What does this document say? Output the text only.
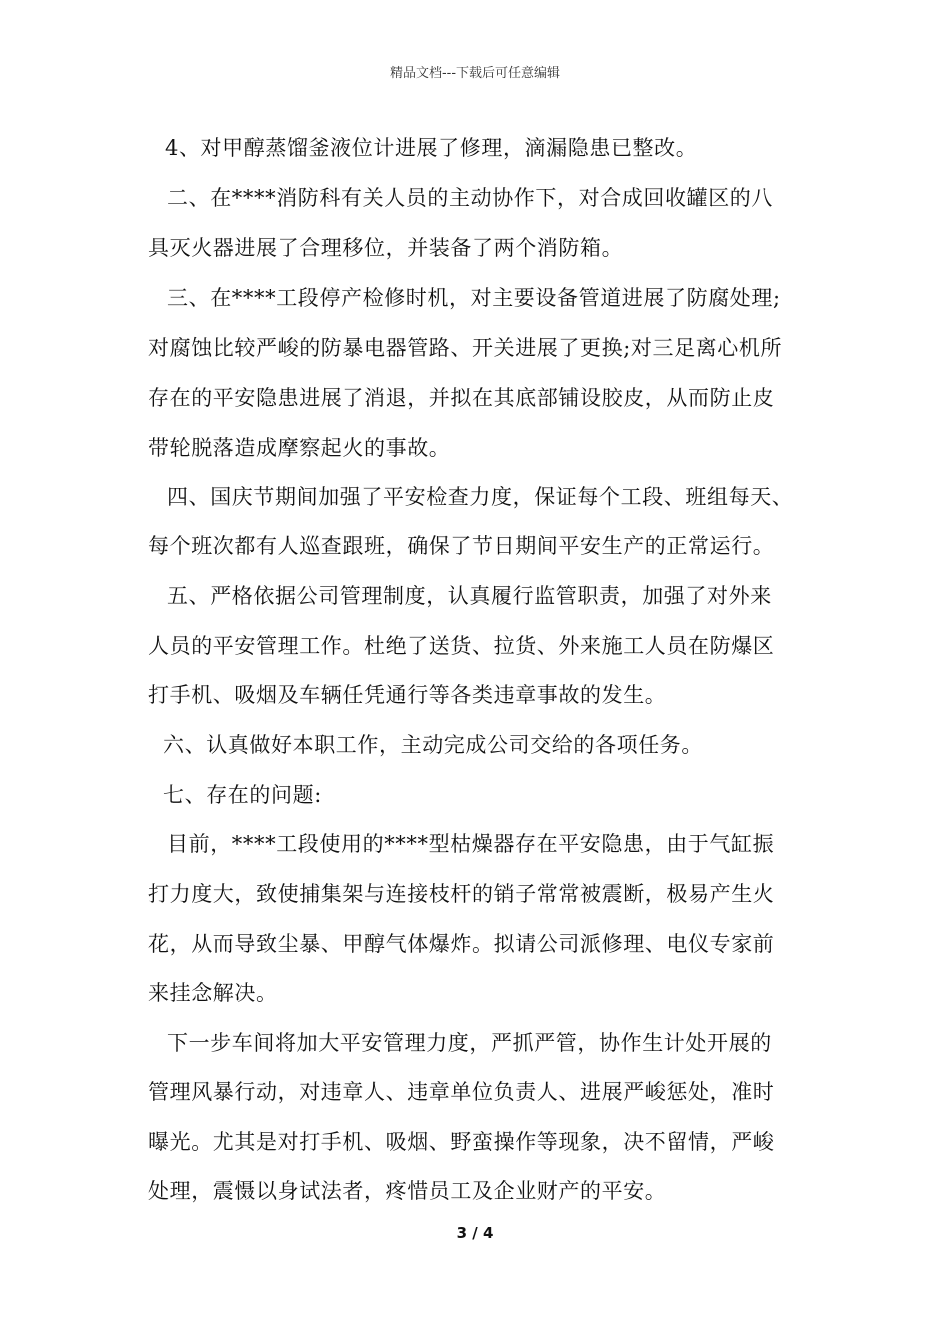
精品文档---下载后可任意编辑
4、对甲醇蒸馏釜液位计进展了修理，滴漏隐患已整改。
二、在****消防科有关人员的主动协作下，对合成回收罐区的八
具灭火器进展了合理移位，并装备了两个消防箱。
三、在****工段停产检修时机，对主要设备管道进展了防腐处理;
对腐蚀比较严峻的防暴电器管路、开关进展了更换;对三足离心机所
存在的平安隐患进展了消退，并拟在其底部铺设胶皮，从而防止皮
带轮脱落造成摩察起火的事故。
四、国庆节期间加强了平安检查力度，保证每个工段、班组每天、
每个班次都有人巡查跟班，确保了节日期间平安生产的正常运行。
五、严格依据公司管理制度，认真履行监管职责，加强了对外来
人员的平安管理工作。杜绝了送货、拉货、外来施工人员在防爆区
打手机、吸烟及车辆任凭通行等各类违章事故的发生。
六、认真做好本职工作，主动完成公司交给的各项任务。
七、存在的问题:
目前，****工段使用的****型枯燥器存在平安隐患，由于气缸振
打力度大，致使捕集架与连接枝杆的销子常常被震断，极易产生火
花，从而导致尘暴、甲醇气体爆炸。拟请公司派修理、电仪专家前
来挂念解决。
下一步车间将加大平安管理力度，严抓严管，协作生计处开展的
管理风暴行动，对违章人、违章单位负责人、进展严峻惩处，准时
曝光。尤其是对打手机、吸烟、野蛮操作等现象，决不留情，严峻
处理，震慑以身试法者，疼惜员工及企业财产的平安。
3 / 4
